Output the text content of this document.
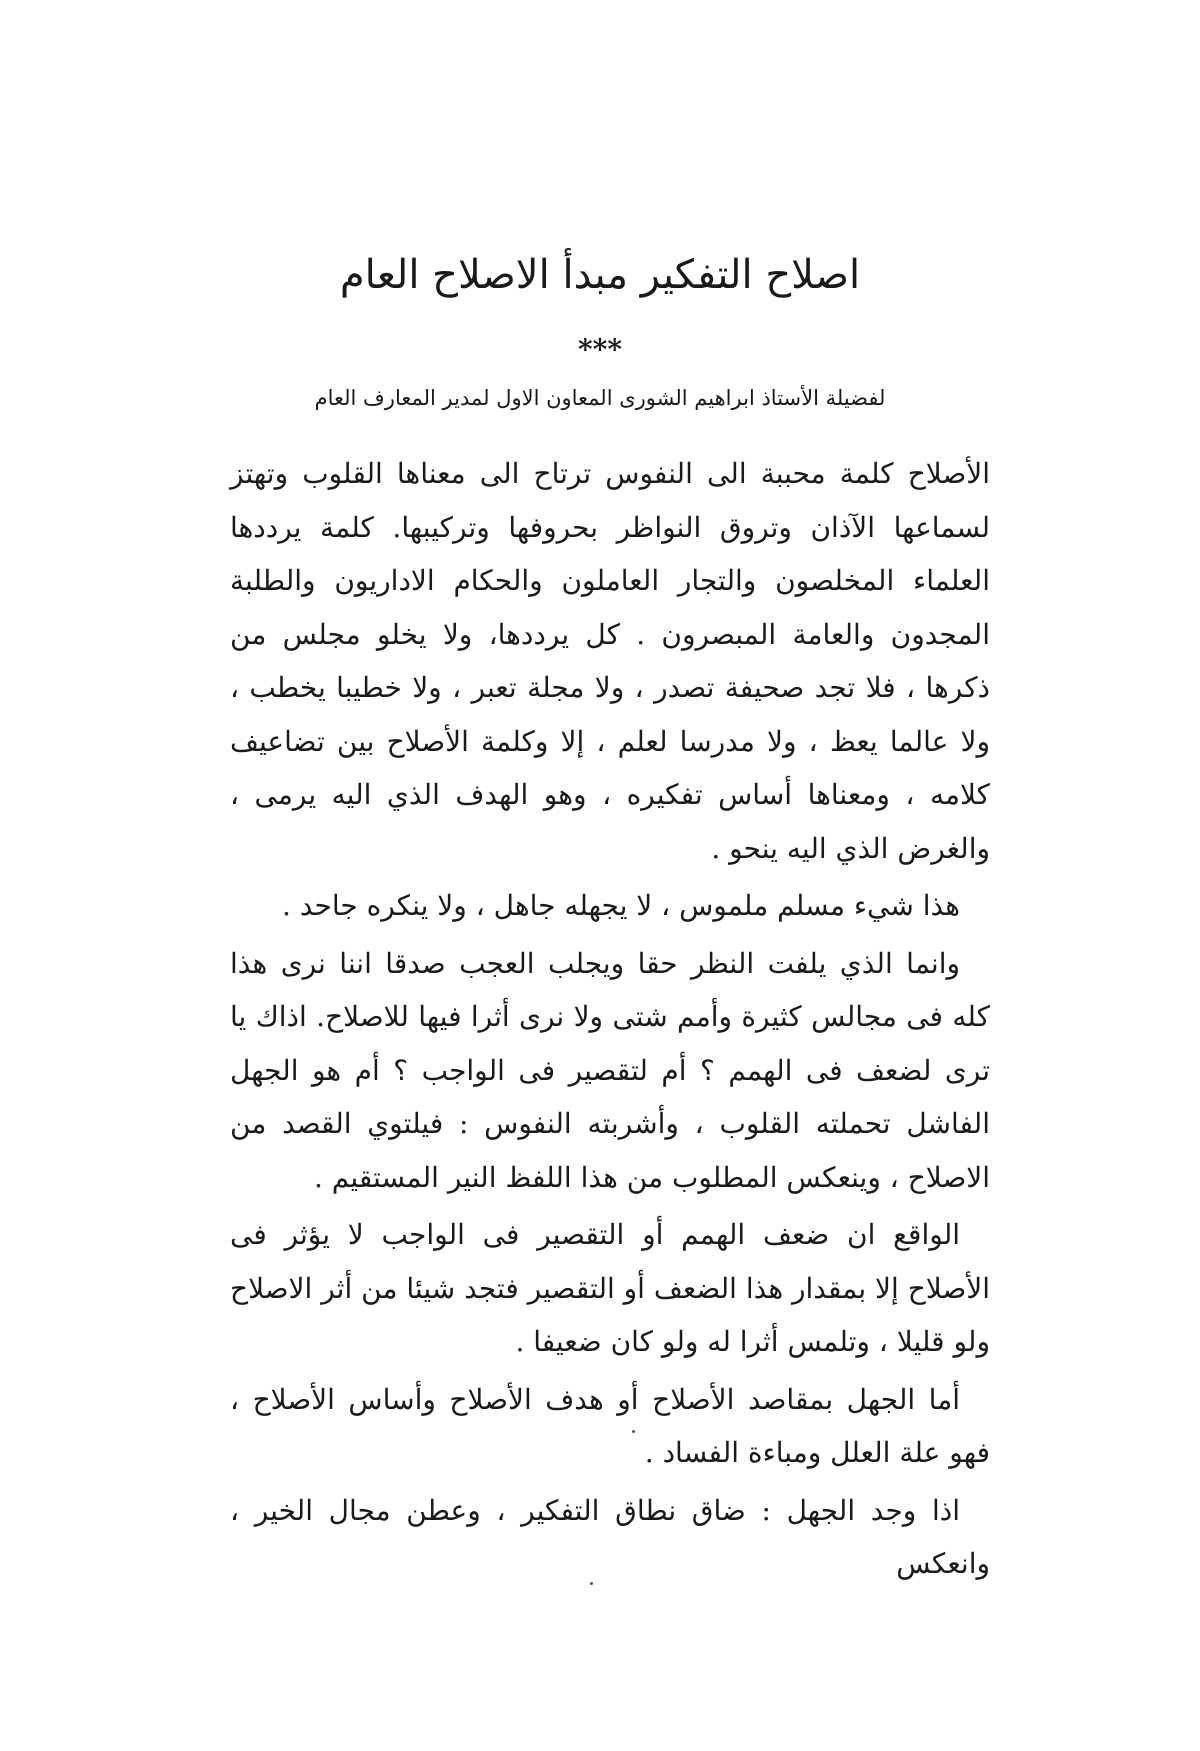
اصلاح التفكير مبدأ الاصلاح العام
***
لفضيلة الأستاذ ابراهيم الشورى المعاون الاول لمدير المعارف العام

الأصلاح كلمة محببة الى النفوس ترتاح الى معناها القلوب وتهتز لسماعها الآذان وتروق النواظر بحروفها وتركيبها. كلمة يرددها العلماء المخلصون والتجار العاملون والحكام الاداريون والطلبة المجدون والعامة المبصرون . كل يرددها، ولا يخلو مجلس من ذكرها ، فلا تجد صحيفة تصدر ، ولا مجلة تعبر ، ولا خطيبا يخطب ، ولا عالما يعظ ، ولا مدرسا لعلم ، إلا وكلمة الأصلاح بين تضاعيف كلامه ، ومعناها أساس تفكيره ، وهو الهدف الذي اليه يرمى ، والغرض الذي اليه ينحو .

هذا شيء مسلم ملموس ، لا يجهله جاهل ، ولا ينكره جاحد .

وانما الذي يلفت النظر حقا ويجلب العجب صدقا اننا نرى هذا كله فى مجالس كثيرة وأمم شتى ولا نرى أثرا فيها للاصلاح. اذاك يا ترى لضعف فى الهمم ؟ أم لتقصير فى الواجب ؟ أم هو الجهل الفاشل تحملته القلوب ، وأشربته النفوس : فيلتوي القصد من الاصلاح ، وينعكس المطلوب من هذا اللفظ النير المستقيم .

الواقع ان ضعف الهمم أو التقصير فى الواجب لا يؤثر فى الأصلاح إلا بمقدار هذا الضعف أو التقصير فتجد شيئا من أثر الاصلاح ولو قليلا ، وتلمس أثرا له ولو كان ضعيفا .

أما الجهل بمقاصد الأصلاح أو هدف الأصلاح وأساس الأصلاح ، فهو علة العلل ومباءة الفساد .

اذا وجد الجهل : ضاق نطاق التفكير ، وعطن مجال الخير ، وانعكس
